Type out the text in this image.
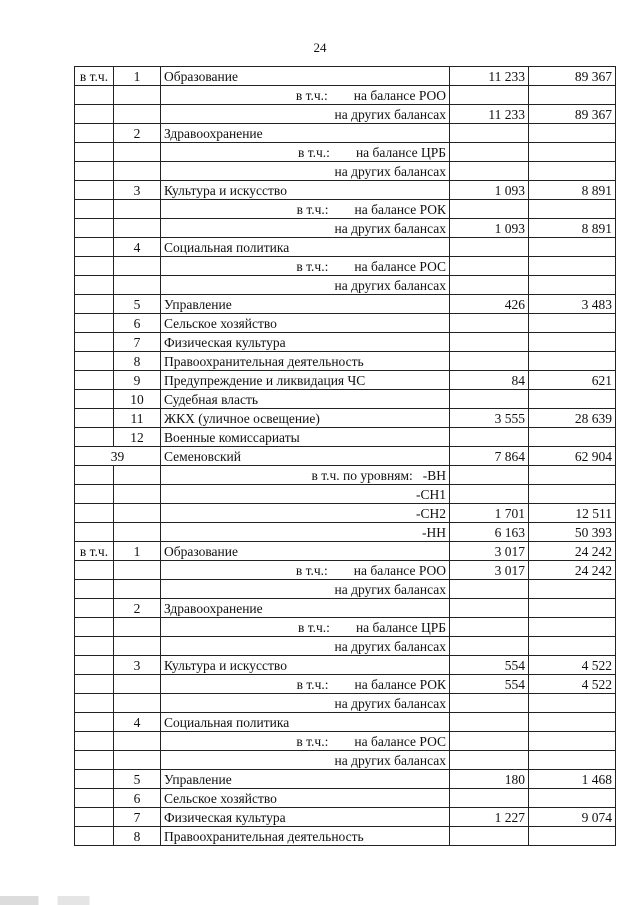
24
в т.ч.	1	Образование	11 233	89 367

		в т.ч.: на балансе РОО		

		на других балансах	11 233	89 367
	2	Здравоохранение		

		в т.ч.: на балансе ЦРБ		

		на других балансах		

	3	Культура и искусство	1 093	8 891

		в т.ч.: на балансе РОК		

		на других балансах	1 093	8 891
	4	Социальная политика		

		в т.ч.: на балансе РОС		

		на других балансах		

	5	Управление	426	3 483
	6	Сельское хозяйство		
	7	Физическая культура		
	8	Правоохранительная деятельность		
	9	Предупреждение и ликвидация ЧС	84	621
	10	Судебная власть		
	11	ЖКХ (уличное освещение)	3 555	28 639
	12	Военные комиссариаты		
39		Семеновский	7 864	62 904

		в т.ч. по уровням: -ВН		

		-СН1		

		-СН2	1 701	12 511

		-НН	6 163	50 393
в т.ч.	1	Образование	3 017	24 242

		в т.ч.: на балансе РОО	3 017	24 242

		на других балансах		

	2	Здравоохранение		

		в т.ч.: на балансе ЦРБ		

		на других балансах		

	3	Культура и искусство	554	4 522

		в т.ч.: на балансе РОК	554	4 522

		на других балансах		

	4	Социальная политика		

		в т.ч.: на балансе РОС		

		на других балансах		

	5	Управление	180	1 468
	6	Сельское хозяйство		
	7	Физическая культура	1 227	9 074
	8	Правоохранительная деятельность		
